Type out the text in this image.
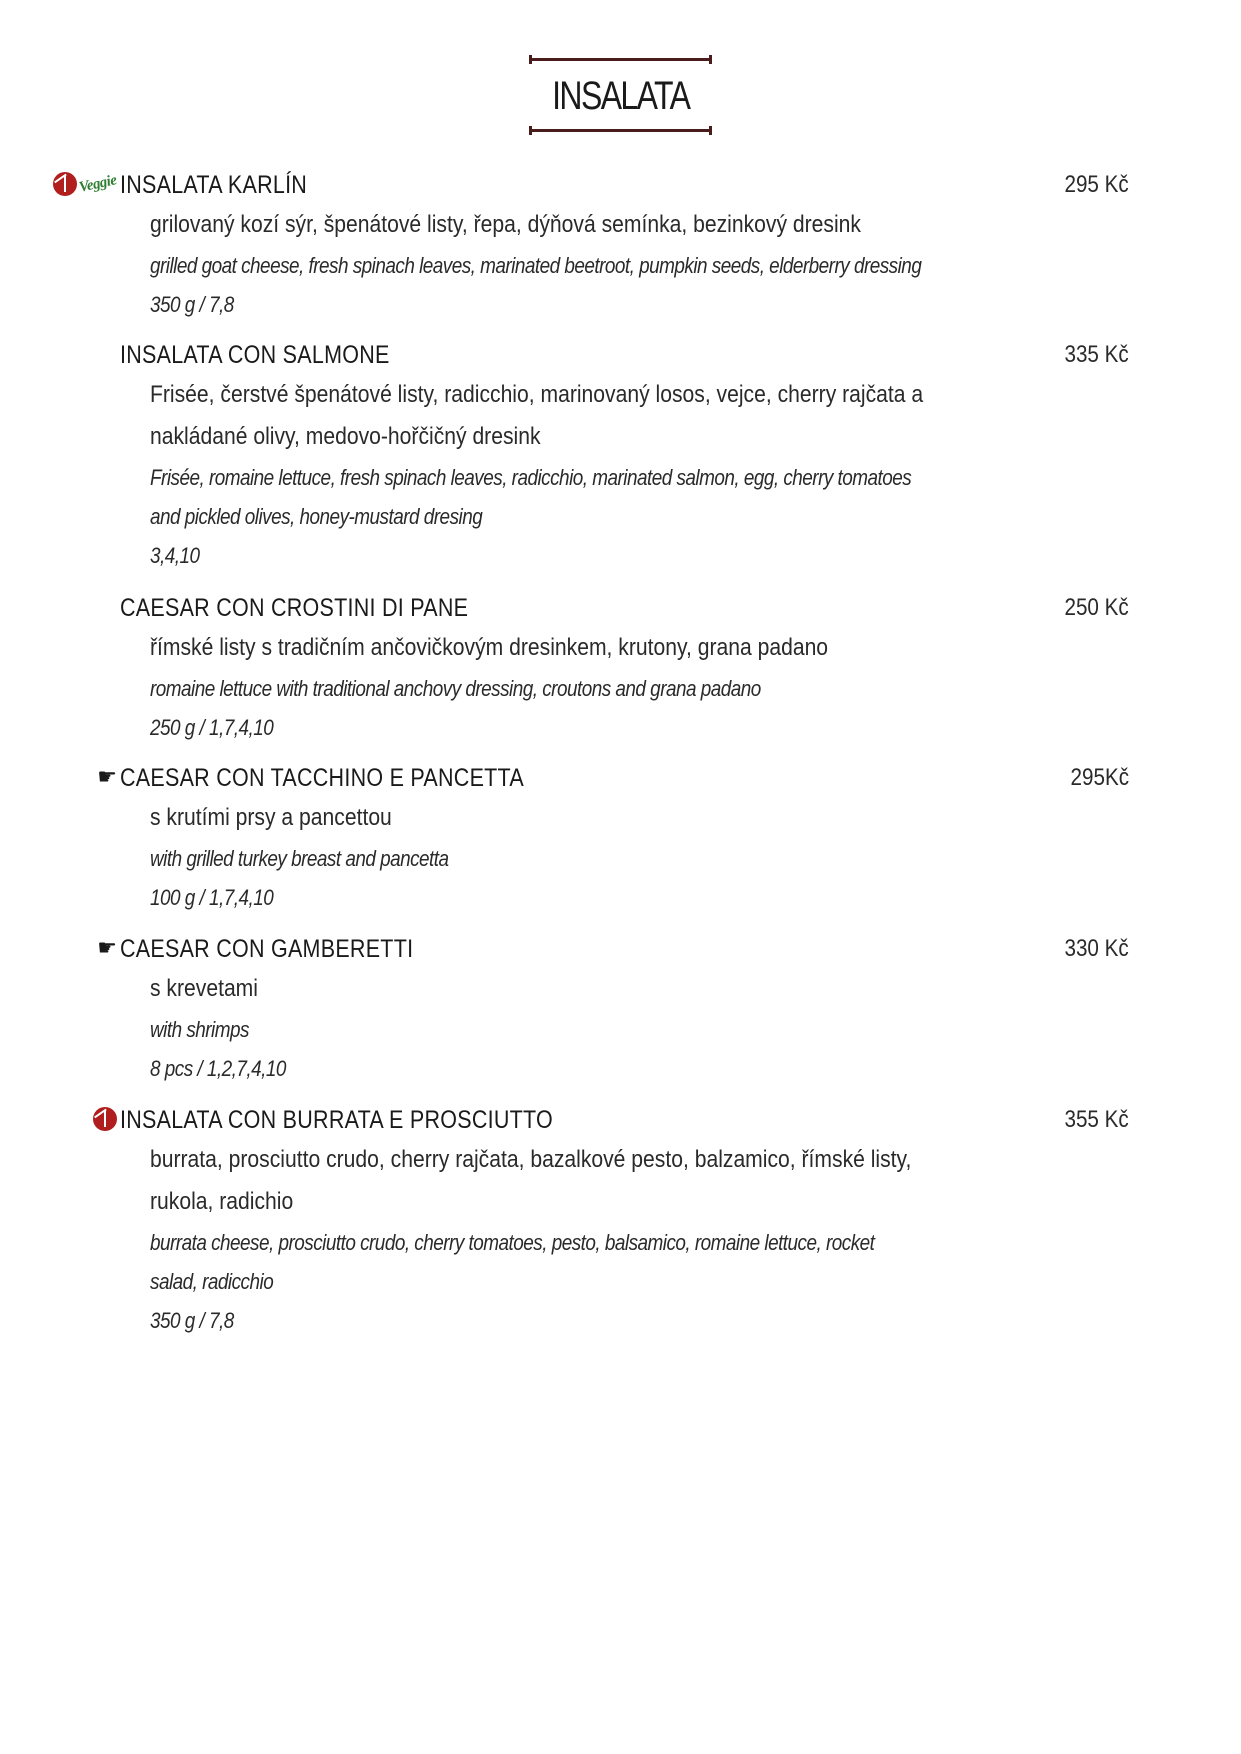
INSALATA
Veggie INSALATA KARLÍN	295 Kč
grilovaný kozí sýr, špenátové listy, řepa, dýňová semínka, bezinkový dresink
grilled goat cheese, fresh spinach leaves, marinated beetroot, pumpkin seeds, elderberry dressing
350 g / 7,8
INSALATA CON SALMONE	335 Kč
Frisée, čerstvé špenátové listy, radicchio, marinovaný losos, vejce, cherry rajčata a nakládané olivy, medovo-hořčičný dresink
Frisée, romaine lettuce, fresh spinach leaves, radicchio, marinated salmon, egg, cherry tomatoes and pickled olives, honey-mustard dresing
3,4,10
CAESAR CON CROSTINI DI PANE	250 Kč
římské listy s tradičním ančovičkovým dresinkem, krutony, grana padano
romaine lettuce with traditional anchovy dressing, croutons and grana padano
250 g / 1,7,4,10
☛ CAESAR CON TACCHINO E PANCETTA	295Kč
s krutími prsy a pancettou
with grilled turkey breast and pancetta
100 g / 1,7,4,10
☛ CAESAR CON GAMBERETTI	330 Kč
s krevetami
with shrimps
8 pcs / 1,2,7,4,10
INSALATA CON BURRATA E PROSCIUTTO	355 Kč
burrata, prosciutto crudo, cherry rajčata, bazalkové pesto, balzamico, římské listy, rukola, radichio
burrata cheese, prosciutto crudo, cherry tomatoes, pesto, balsamico, romaine lettuce, rocket salad, radicchio
350 g / 7,8
